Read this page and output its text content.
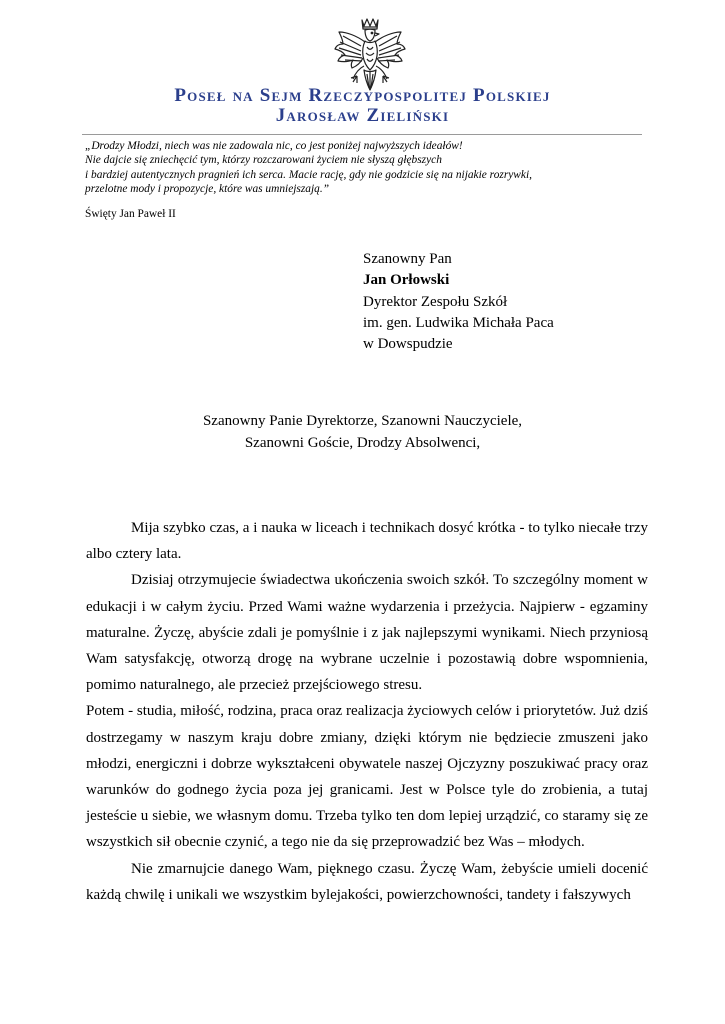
Poseł na Sejm Rzeczypospolitej Polskiej
Jarosław Zieliński
„Drodzy Młodzi, niech was nie zadowala nic, co jest poniżej najwyższych ideałów!
Nie dajcie się zniechęcić tym, którzy rozczarowani życiem nie słyszą głębszych
i bardziej autentycznych pragnień ich serca. Macie rację, gdy nie godzicie się na nijakie rozrywki,
przelotne mody i propozycje, które was umniejszają.”
Święty Jan Paweł II
Szanowny Pan
Jan Orłowski
Dyrektor Zespołu Szkół
im. gen. Ludwika Michała Paca
w Dowspudzie
Szanowny Panie Dyrektorze, Szanowni Nauczyciele,
Szanowni Goście, Drodzy Absolwenci,

Mija szybko czas, a i nauka w liceach i technikach dosyć krótka - to tylko niecałe trzy albo cztery lata.

Dzisiaj otrzymujecie świadectwa ukończenia swoich szkół. To szczególny moment w edukacji i w całym życiu. Przed Wami ważne wydarzenia i przeżycia. Najpierw - egzaminy maturalne. Życzę, abyście zdali je pomyślnie i z jak najlepszymi wynikami. Niech przyniosą Wam satysfakcję, otworzą drogę na wybrane uczelnie i pozostawią dobre wspomnienia, pomimo naturalnego, ale przecież przejściowego stresu.

Potem - studia, miłość, rodzina, praca oraz realizacja życiowych celów i priorytetów. Już dziś dostrzegamy w naszym kraju dobre zmiany, dzięki którym nie będziecie zmuszeni jako młodzi, energiczni i dobrze wykształceni obywatele naszej Ojczyzny poszukiwać pracy oraz warunków do godnego życia poza jej granicami. Jest w Polsce tyle do zrobienia, a tutaj jesteście u siebie, we własnym domu. Trzeba tylko ten dom lepiej urządzić, co staramy się ze wszystkich sił obecnie czynić, a tego nie da się przeprowadzić bez Was – młodych.

Nie zmarnujcie danego Wam, pięknego czasu. Życzę Wam, żebyście umieli docenić każdą chwilę i unikali we wszystkim bylejakości, powierzchowności, tandety i fałszywych
